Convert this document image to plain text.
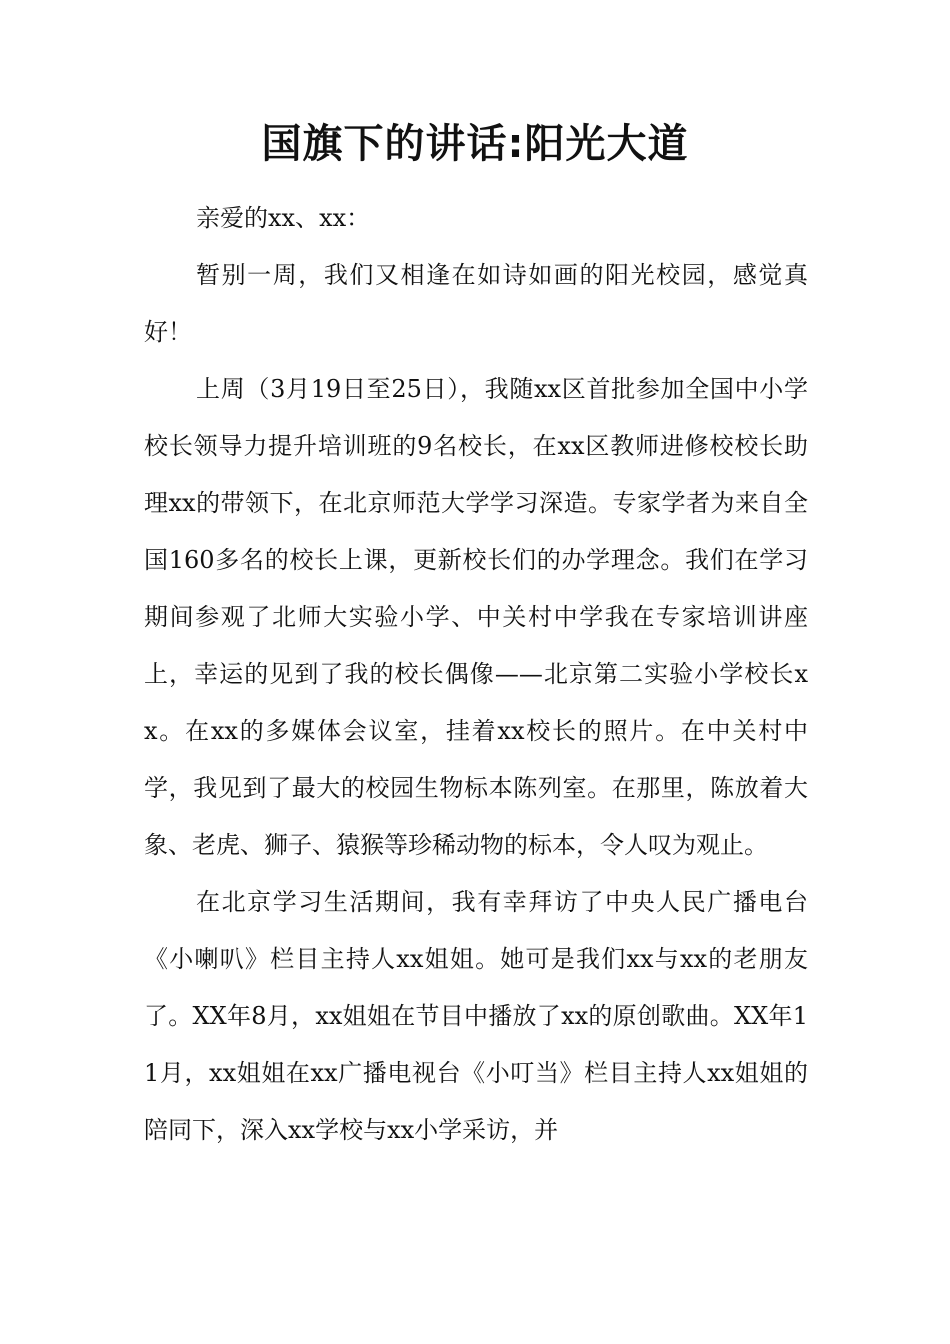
国旗下的讲话:阳光大道

亲爱的xx、xx：

暂别一周，我们又相逢在如诗如画的阳光校园，感觉真好！

上周（3月19日至25日），我随xx区首批参加全国中小学校长领导力提升培训班的9名校长，在xx区教师进修校校长助理xx的带领下，在北京师范大学学习深造。专家学者为来自全国160多名的校长上课，更新校长们的办学理念。我们在学习期间参观了北师大实验小学、中关村中学我在专家培训讲座上，幸运的见到了我的校长偶像——北京第二实验小学校长xx。在xx的多媒体会议室，挂着xx校长的照片。在中关村中学，我见到了最大的校园生物标本陈列室。在那里，陈放着大象、老虎、狮子、猿猴等珍稀动物的标本，令人叹为观止。

在北京学习生活期间，我有幸拜访了中央人民广播电台《小喇叭》栏目主持人xx姐姐。她可是我们xx与xx的老朋友了。XX年8月，xx姐姐在节目中播放了xx的原创歌曲。XX年11月，xx姐姐在xx广播电视台《小叮当》栏目主持人xx姐姐的陪同下，深入xx学校与xx小学采访，并
